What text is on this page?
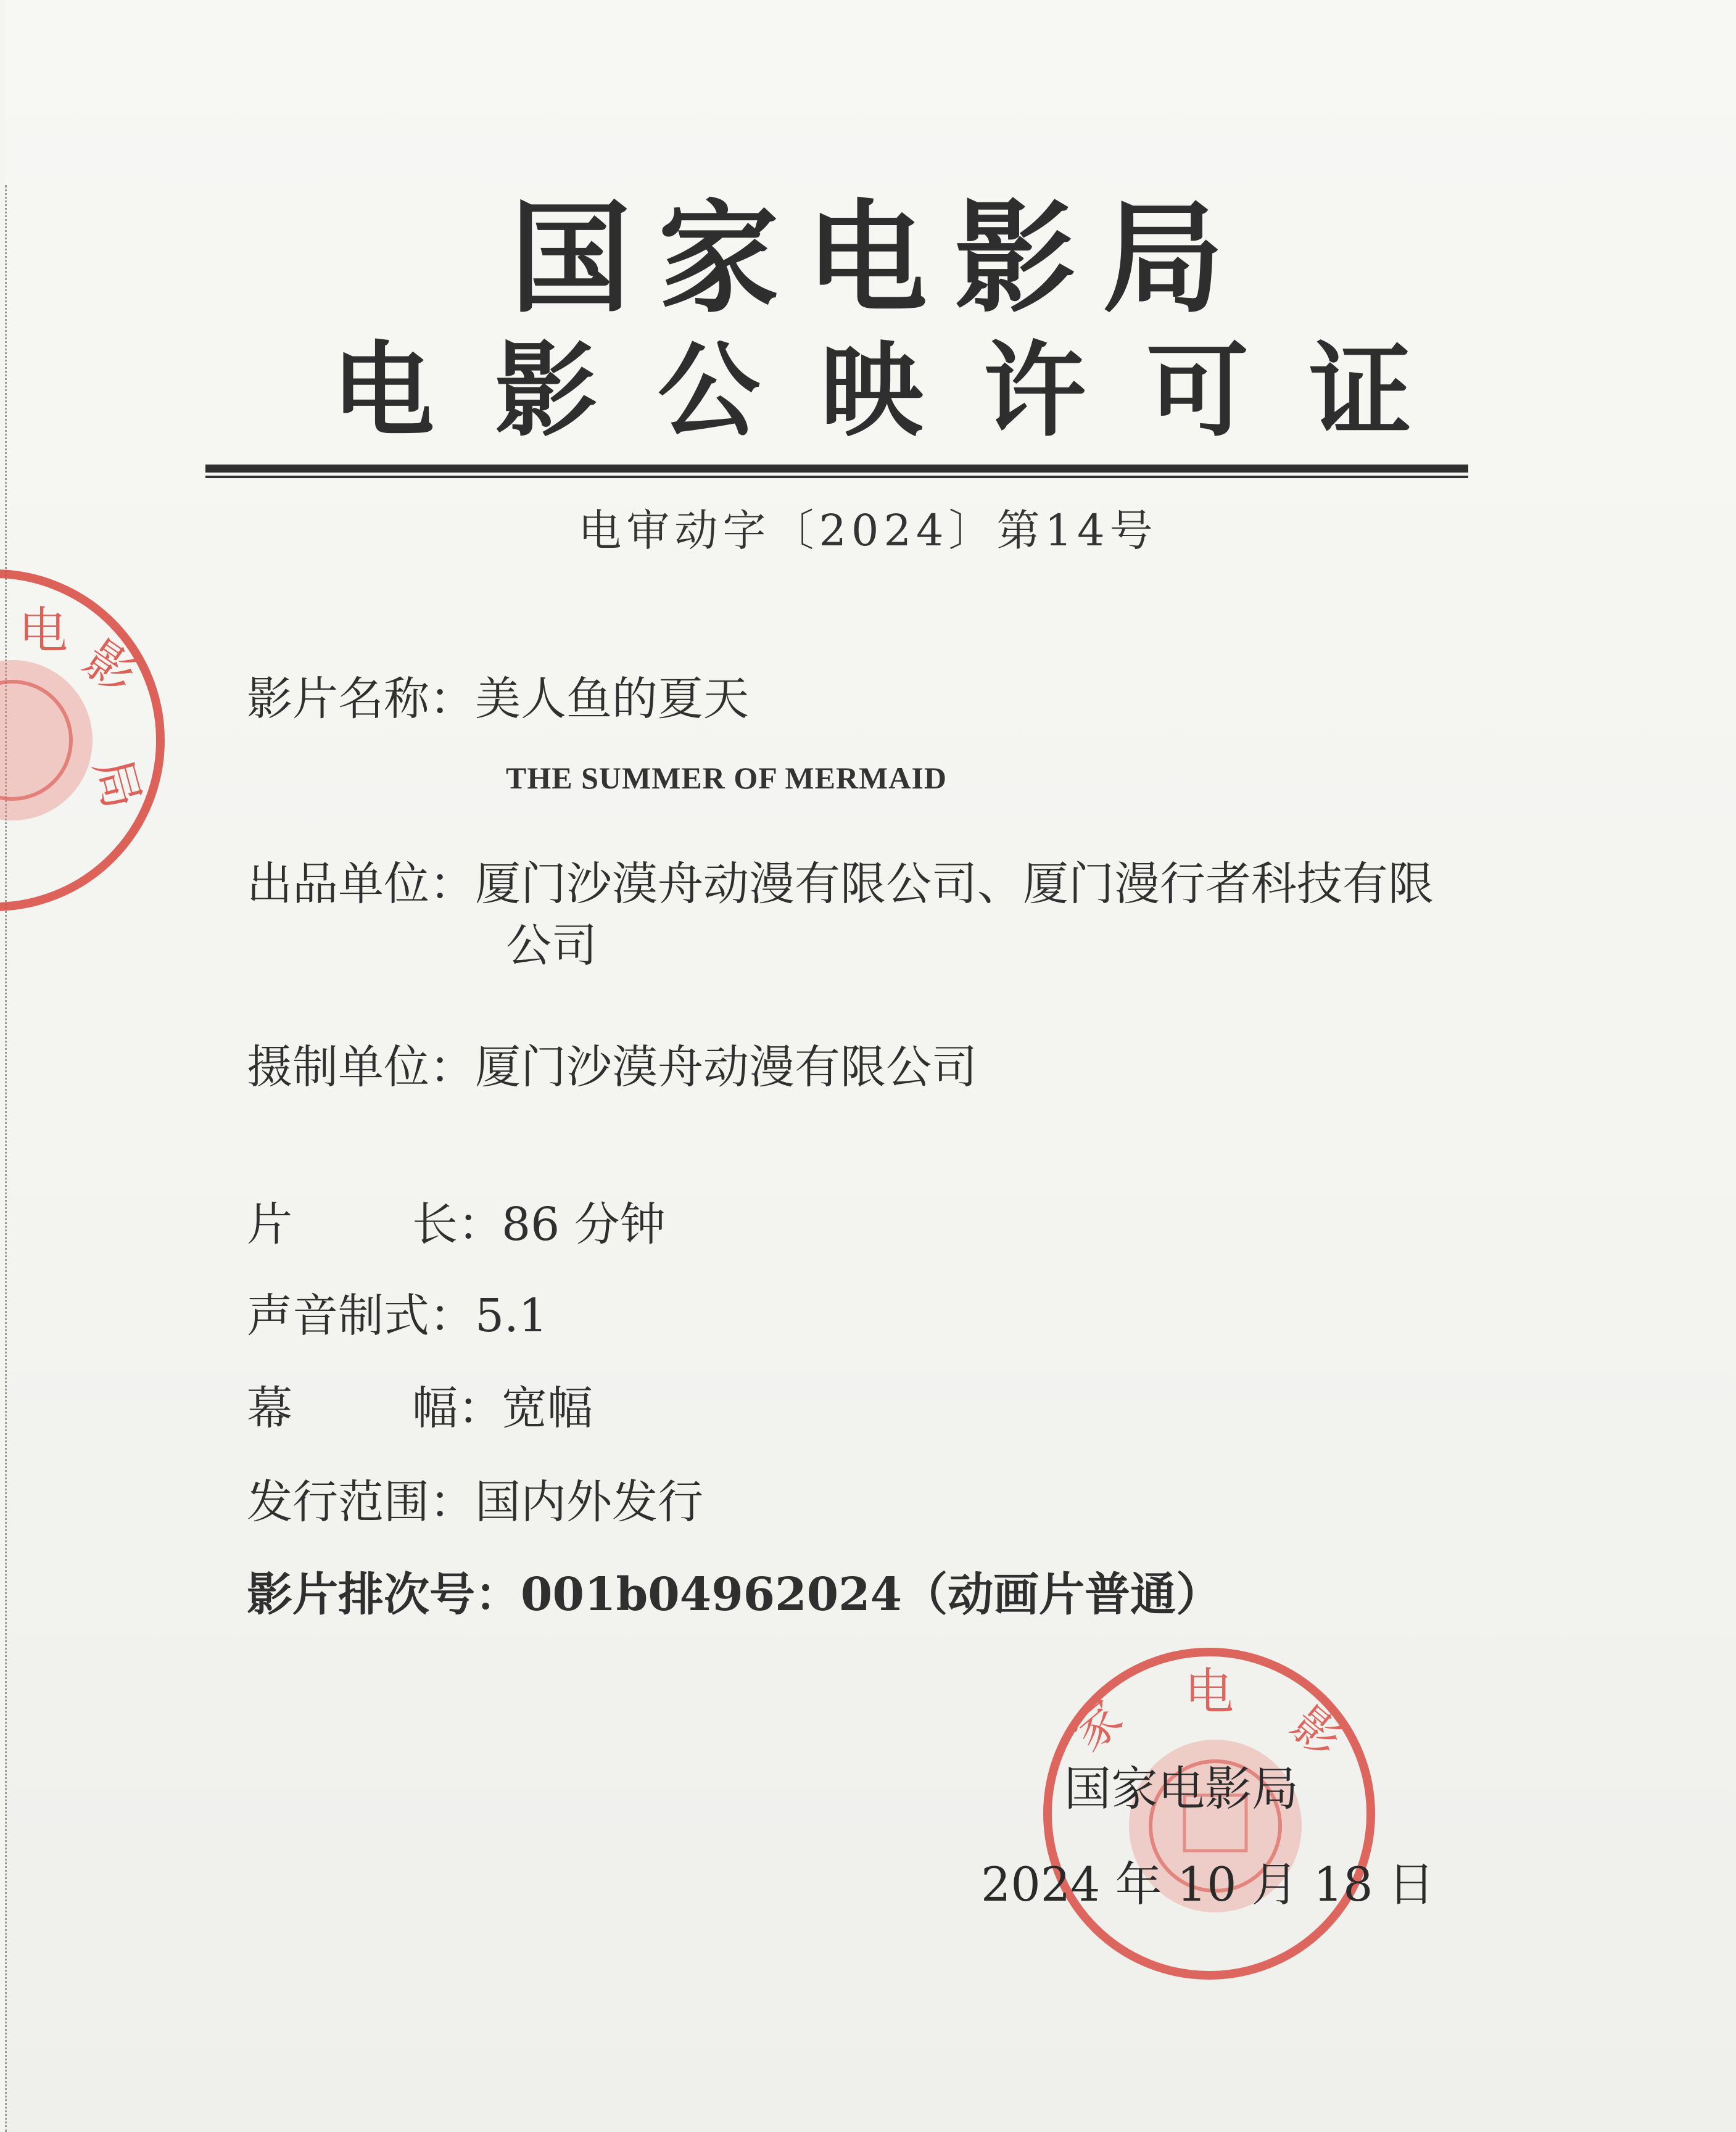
电 影
局
电
影
家
国家电影局
电影公映许可证
电审动字〔2024〕第14号
影片名称：美人鱼的夏天
THE SUMMER OF MERMAID
出品单位：厦门沙漠舟动漫有限公司、厦门漫行者科技有限
公司
摄制单位：厦门沙漠舟动漫有限公司
片	长：
86 分钟
声音制式：5.1
幕	幅：
宽幅
发行范围：国内外发行
影片排次号：001b04962024（动画片普通）
国家电影局
2024 年 10 月 18 日
